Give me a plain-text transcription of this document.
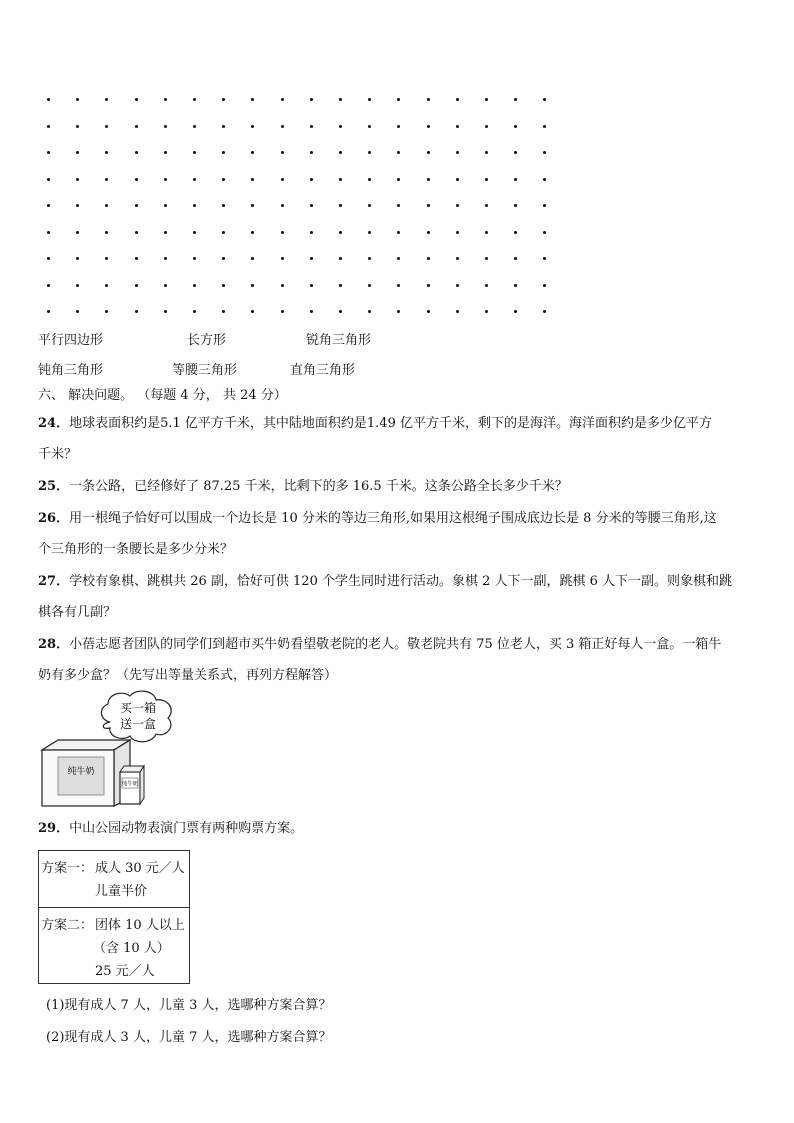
平行四边形	长方形	锐角三角形
钝角三角形	等腰三角形	直角三角形
六、 解决问题。 （每题 4 分， 共 24 分）
24．地球表面积约是5.1 亿平方千米，其中陆地面积约是1.49 亿平方千米，剩下的是海洋。海洋面积约是多少亿平方
千米？
25．一条公路，已经修好了 87.25 千米，比剩下的多 16.5 千米。这条公路全长多少千米？
26．用一根绳子恰好可以围成一个边长是 10 分米的等边三角形,如果用这根绳子围成底边长是 8 分米的等腰三角形,这
个三角形的一条腰长是多少分米？
27．学校有象棋、跳棋共 26 副，恰好可供 120 个学生同时进行活动。象棋 2 人下一副，跳棋 6 人下一副。则象棋和跳
棋各有几副？
28．小蓓志愿者团队的同学们到超市买牛奶看望敬老院的老人。敬老院共有 75 位老人，买 3 箱正好每人一盒。一箱牛
奶有多少盒？（先写出等量关系式，再列方程解答）
买一箱
送一盒
纯牛奶
纯牛奶
29．中山公园动物表演门票有两种购票方案。
方案一： 成人 30 元／人
儿童半价
方案二： 团体 10 人以上
（含 10 人）
25 元／人
(1)现有成人 7 人，儿童 3 人，选哪种方案合算？
(2)现有成人 3 人，儿童 7 人，选哪种方案合算？
